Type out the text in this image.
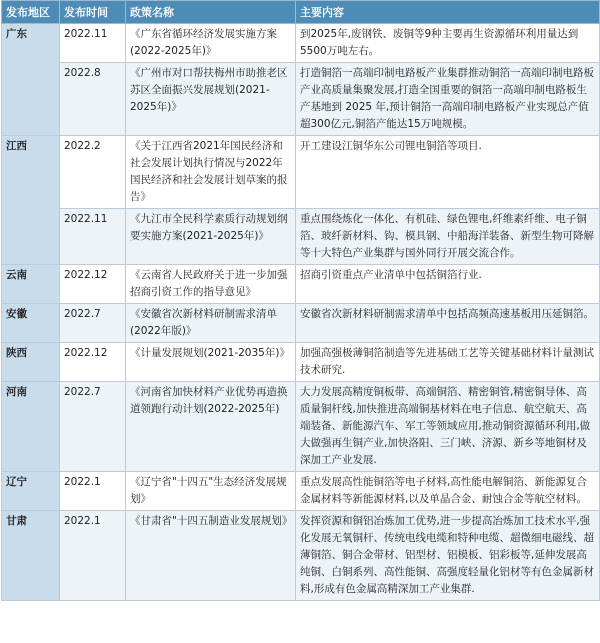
发布地区	发布时间	政策名称	主要内容
广东	2022.11	《广东省循环经济发展实施方案(2022-2025年)》	到2025年,废钢铁、废铜等9种主要再生资源循环利用量达到5500万吨左右。
	2022.8	《广州市对口帮扶梅州市助推老区苏区全面振兴发展规划(2021-2025年)》	打造铜箔一高端印制电路板产业集群推动铜箔一高端印制电路板产业高质量集聚发展,打造全国重要的铜箔一高端印制电路板生产基地到 2025 年,预计铜箔一高端印制电路板产业实现总产值超300亿元,铜箔产能达15万吨规模。
江西	2022.2	《关于江西省2021年国民经济和社会发展计划执行情况与2022年国民经济和社会发展计划草案的报告》	开工建设江铜华东公司锂电铜箔等项目.
	2022.11	《九江市全民科学素质行动规划纲要实施方案(2021-2025年)》	重点围绕炼化一体化、有机硅、绿色锂电,纤维素纤维、电子铜箔、玻纤新材料、钩、模具钢、中船海洋装备、新型生物可降解等十大特色产业集群与国外同行开展交流合作。
云南	2022.12	《云南省人民政府关于进一步加强招商引资工作的指导意见》	招商引资重点产业清单中包括铜箔行业.
安徽	2022.7	《安徽省次新材料研制需求清单(2022年版)》	安徽省次新材料研制需求清单中包括高频高速基板用压延铜箔。
陕西	2022.12	《计量发展规划(2021-2035年)》	加强高强极薄铜箔制造等先进基础工艺等关键基础材料计量测试技术研究.
河南	2022.7	《河南省加快材料产业优势再造换道领跑行动计划(2022-2025年)	大力发展高精度铜板带、高端铜箔、精密铜管,精密铜导体、高质量铜杆线,加快推进高端铜基材料在电子信息、航空航天、高端装备、新能源汽车、军工等领域应用,推动铜资源循环利用,做大做强再生铜产业,加快洛阳、三门峡、济源、新乡等地铜材及深加工产业发展.
辽宁	2022.1	《辽宁省"十四五"生态经济发展规划》	重点发展高性能铜箔等电子材料,高性能电解铜箔、新能源复合金属材料等新能源材料,以及单晶合金、耐蚀合金等航空材料。
甘肃	2022.1	《甘肃省"十四五制造业发展规划》	发挥资源和铜铝冶炼加工优势,进一步提高冶炼加工技术水平,强化发展无氧铜杆、传统电线电缆和特种电缆、超微细电磁线、超薄铜箔、铜合金带材、铝型材、铝模板、铝彩板等,延伸发展高纯铜、白铜系列、高性能铜、高强度轻量化铝材等有色金属新材料,形成有色金属高精深加工产业集群.
